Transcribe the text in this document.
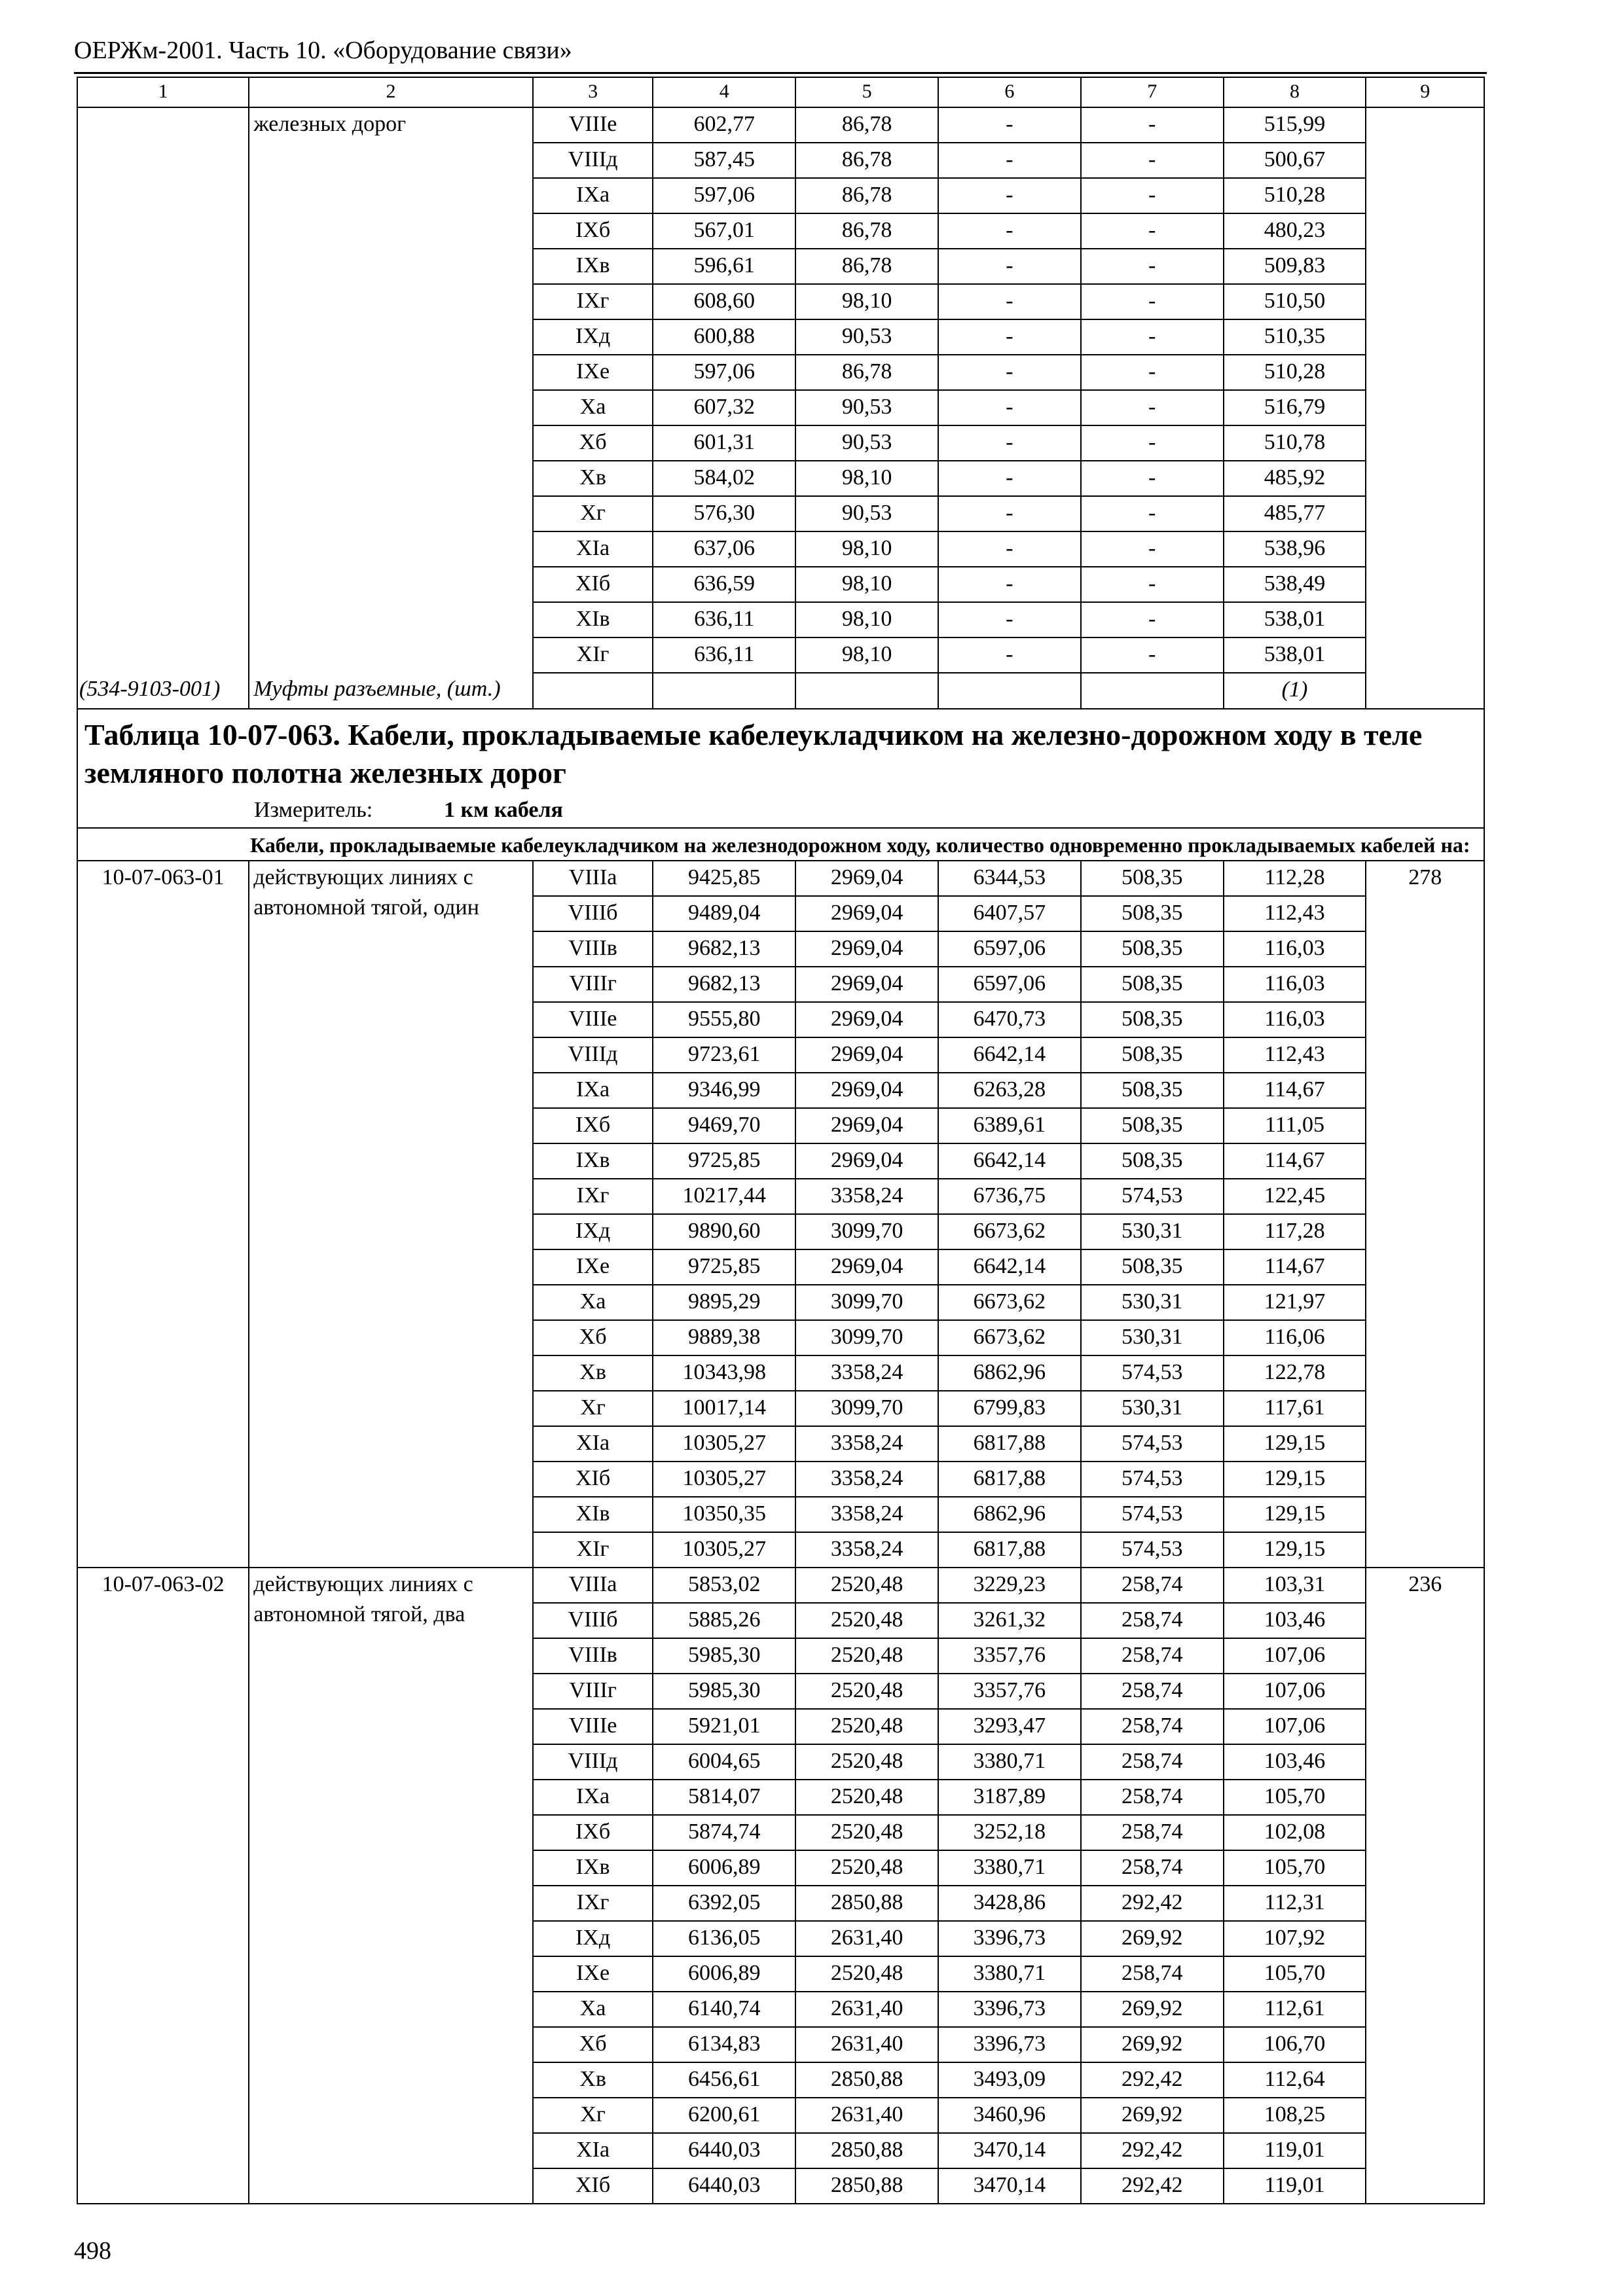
ОЕРЖм-2001. Часть 10. «Оборудование связи»
1	2	3	4	5	6	7	8	9
	железных дорог	VIIIе	602,77	86,78	-	-	515,99	
		VIIIд	587,45	86,78	-	-	500,67	
		IXа	597,06	86,78	-	-	510,28	
		IXб	567,01	86,78	-	-	480,23	
		IXв	596,61	86,78	-	-	509,83	
		IXг	608,60	98,10	-	-	510,50	
		IXд	600,88	90,53	-	-	510,35	
		IXе	597,06	86,78	-	-	510,28	
		Xа	607,32	90,53	-	-	516,79	
		Xб	601,31	90,53	-	-	510,78	
		Xв	584,02	98,10	-	-	485,92	
		Xг	576,30	90,53	-	-	485,77	
		XIа	637,06	98,10	-	-	538,96	
		XIб	636,59	98,10	-	-	538,49	
		XIв	636,11	98,10	-	-	538,01	
		XIг	636,11	98,10	-	-	538,01	
(534-9103-001)	Муфты разъемные, (шт.)						(1)	
Таблица 10-07-063. Кабели, прокладываемые кабелеукладчиком на железно-дорожном ходу в теле земляного полотна железных дорог								
Измеритель: 1 км кабеля								
Кабели, прокладываемые кабелеукладчиком на железнодорожном ходу, количество одновременно прокладываемых кабелей на:								
10-07-063-01	действующих линиях с автономной тягой, один	VIIIа	9425,85	2969,04	6344,53	508,35	112,28	278
		VIIIб	9489,04	2969,04	6407,57	508,35	112,43	
		VIIIв	9682,13	2969,04	6597,06	508,35	116,03	
		VIIIг	9682,13	2969,04	6597,06	508,35	116,03	
		VIIIе	9555,80	2969,04	6470,73	508,35	116,03	
		VIIIд	9723,61	2969,04	6642,14	508,35	112,43	
		IXа	9346,99	2969,04	6263,28	508,35	114,67	
		IXб	9469,70	2969,04	6389,61	508,35	111,05	
		IXв	9725,85	2969,04	6642,14	508,35	114,67	
		IXг	10217,44	3358,24	6736,75	574,53	122,45	
		IXд	9890,60	3099,70	6673,62	530,31	117,28	
		IXе	9725,85	2969,04	6642,14	508,35	114,67	
		Xа	9895,29	3099,70	6673,62	530,31	121,97	
		Xб	9889,38	3099,70	6673,62	530,31	116,06	
		Xв	10343,98	3358,24	6862,96	574,53	122,78	
		Xг	10017,14	3099,70	6799,83	530,31	117,61	
		XIа	10305,27	3358,24	6817,88	574,53	129,15	
		XIб	10305,27	3358,24	6817,88	574,53	129,15	
		XIв	10350,35	3358,24	6862,96	574,53	129,15	
		XIг	10305,27	3358,24	6817,88	574,53	129,15	
10-07-063-02	действующих линиях с автономной тягой, два	VIIIа	5853,02	2520,48	3229,23	258,74	103,31	236
		VIIIб	5885,26	2520,48	3261,32	258,74	103,46	
		VIIIв	5985,30	2520,48	3357,76	258,74	107,06	
		VIIIг	5985,30	2520,48	3357,76	258,74	107,06	
		VIIIе	5921,01	2520,48	3293,47	258,74	107,06	
		VIIIд	6004,65	2520,48	3380,71	258,74	103,46	
		IXа	5814,07	2520,48	3187,89	258,74	105,70	
		IXб	5874,74	2520,48	3252,18	258,74	102,08	
		IXв	6006,89	2520,48	3380,71	258,74	105,70	
		IXг	6392,05	2850,88	3428,86	292,42	112,31	
		IXд	6136,05	2631,40	3396,73	269,92	107,92	
		IXе	6006,89	2520,48	3380,71	258,74	105,70	
		Xа	6140,74	2631,40	3396,73	269,92	112,61	
		Xб	6134,83	2631,40	3396,73	269,92	106,70	
		Xв	6456,61	2850,88	3493,09	292,42	112,64	
		Xг	6200,61	2631,40	3460,96	269,92	108,25	
		XIа	6440,03	2850,88	3470,14	292,42	119,01	
		XIб	6440,03	2850,88	3470,14	292,42	119,01	
498
